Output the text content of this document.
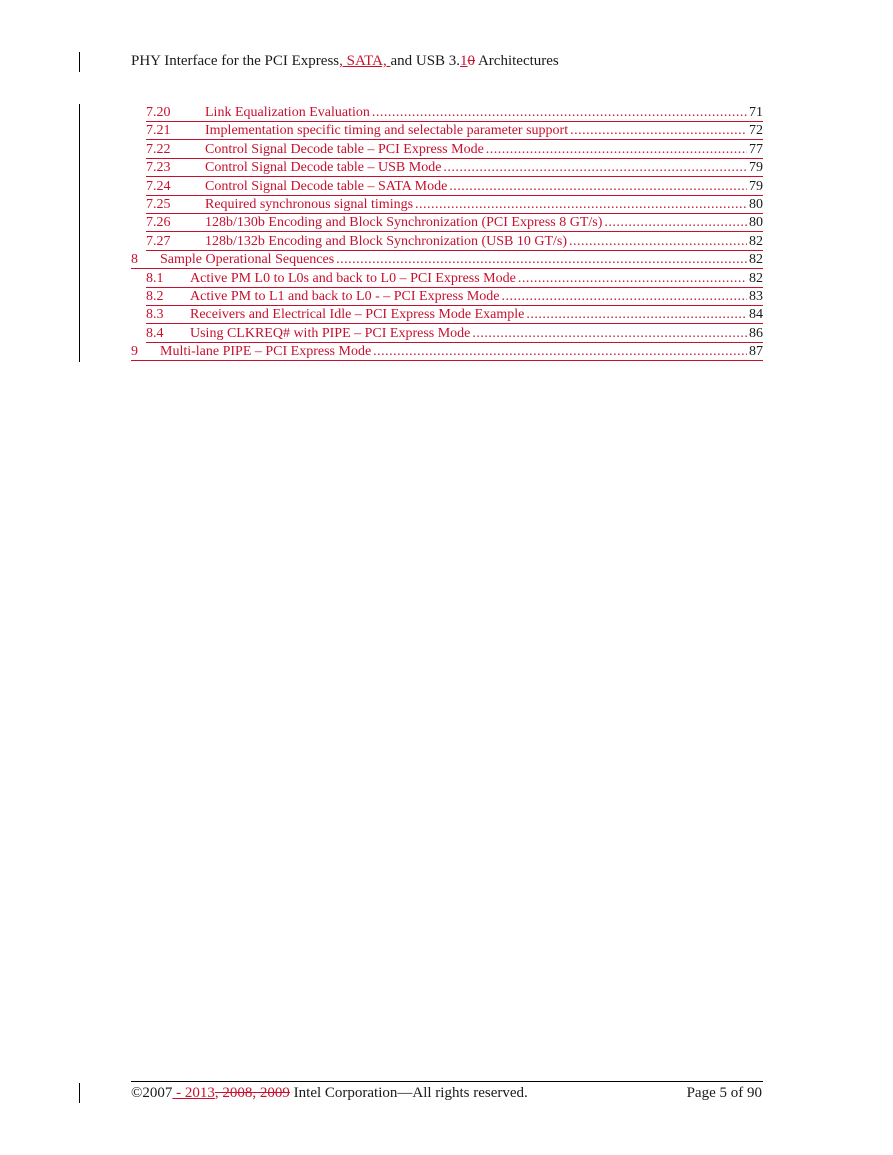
PHY Interface for the PCI Express, SATA, and USB 3.10 Architectures
7.20	Link Equalization Evaluation .....	71
7.21	Implementation specific timing and selectable parameter support .....	72
7.22	Control Signal Decode table – PCI Express Mode .....	77
7.23	Control Signal Decode table – USB Mode .....	79
7.24	Control Signal Decode table – SATA Mode .....	79
7.25	Required synchronous signal timings .....	80
7.26	128b/130b Encoding and Block Synchronization (PCI Express 8 GT/s) .....	80
7.27	128b/132b Encoding and Block Synchronization (USB 10 GT/s) .....	82
8	Sample Operational Sequences .....	82
8.1	Active PM L0 to L0s and back to L0 – PCI Express Mode .....	82
8.2	Active PM to L1 and back to L0 - – PCI Express Mode .....	83
8.3	Receivers and Electrical Idle – PCI Express Mode Example .....	84
8.4	Using CLKREQ# with PIPE – PCI Express Mode .....	86
9	Multi-lane PIPE – PCI Express Mode .....	87
©2007 - 2013, 2008, 2009 Intel Corporation—All rights reserved.	Page 5 of 90
